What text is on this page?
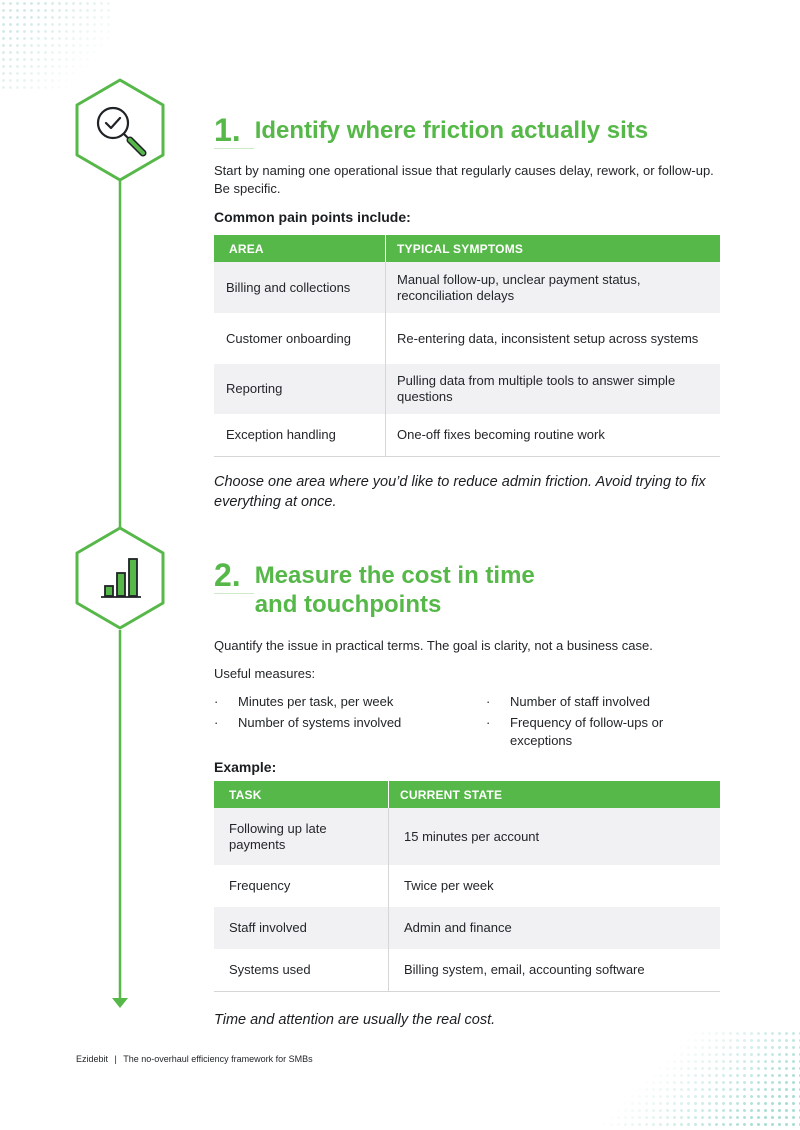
1. Identify where friction actually sits

Start by naming one operational issue that regularly causes delay, rework, or follow-up. Be specific.

Common pain points include:

AREA	TYPICAL SYMPTOMS
Billing and collections	Manual follow-up, unclear payment status, reconciliation delays
Customer onboarding	Re-entering data, inconsistent setup across systems
Reporting	Pulling data from multiple tools to answer simple questions
Exception handling	One-off fixes becoming routine work

Choose one area where you’d like to reduce admin friction. Avoid trying to fix everything at once.

2. Measure the cost in time
and touchpoints

Quantify the issue in practical terms. The goal is clarity, not a business case.

Useful measures:

· Minutes per task, per week
· Number of systems involved
· Number of staff involved
· Frequency of follow-ups or exceptions

Example:

TASK	CURRENT STATE
Following up late payments	15 minutes per account
Frequency	Twice per week
Staff involved	Admin and finance
Systems used	Billing system, email, accounting software

Time and attention are usually the real cost.

Ezidebit | The no-overhaul efficiency framework for SMBs
